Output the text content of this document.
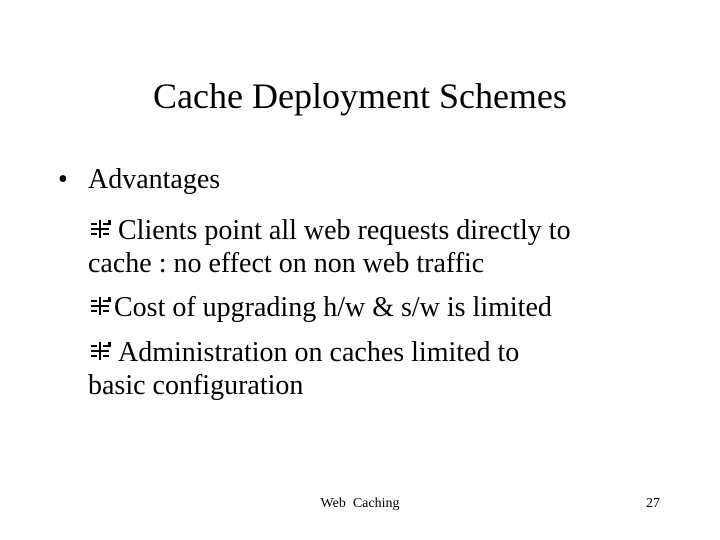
Cache Deployment Schemes
• Advantages

Clients point all web requests directly to

cache : no effect on non web traffic

Cost of upgrading h/w & s/w is limited

Administration on caches limited to

basic configuration

Web  Caching	27
